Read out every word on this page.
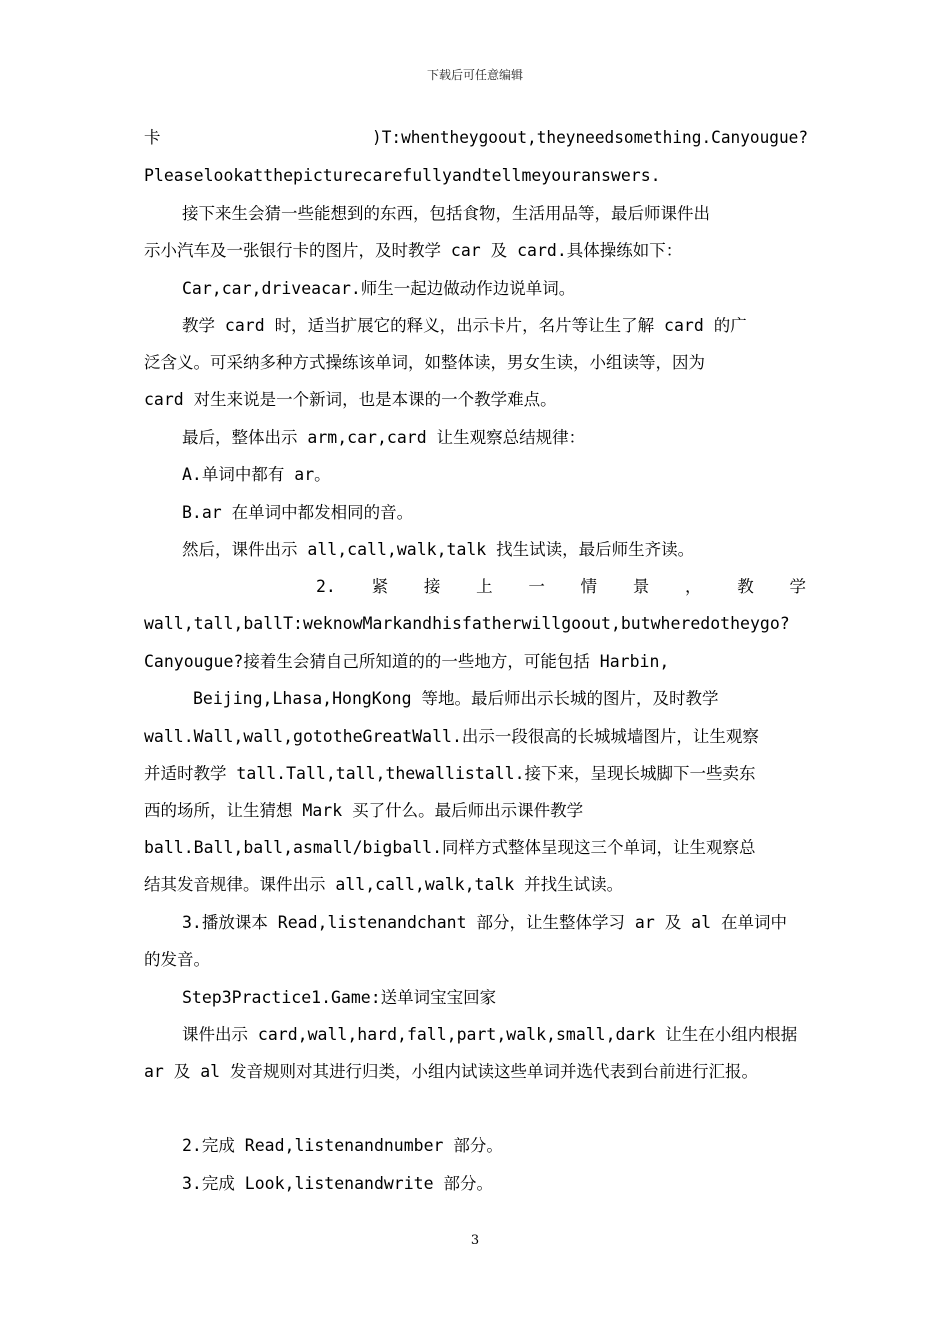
下载后可任意编辑
卡	)T:whentheygoout,theyneedsomething.Canyougue?
Pleaselookatthepicturecarefullyandtellmeyouranswers.
接下来生会猜一些能想到的东西，包括食物，生活用品等，最后师课件出
示小汽车及一张银行卡的图片，及时教学 car 及 card.具体操练如下：
Car,car,driveacar.师生一起边做动作边说单词。
教学 card 时，适当扩展它的释义，出示卡片，名片等让生了解 card 的广
泛含义。可采纳多种方式操练该单词，如整体读，男女生读，小组读等，因为
card 对生来说是一个新词，也是本课的一个教学难点。
最后，整体出示 arm,car,card 让生观察总结规律：
A.单词中都有 ar。
B.ar 在单词中都发相同的音。
然后，课件出示 all,call,walk,talk 找生试读，最后师生齐读。
2. 紧 接 上 一 情 景 ， 教 学
wall,tall,ballT:weknowMarkandhisfatherwillgoout,butwheredotheygo?
Canyougue?接着生会猜自己所知道的的一些地方，可能包括 Harbin,
Beijing,Lhasa,HongKong 等地。最后师出示长城的图片，及时教学
wall.Wall,wall,gototheGreatWall.出示一段很高的长城城墙图片，让生观察
并适时教学 tall.Tall,tall,thewallistall.接下来，呈现长城脚下一些卖东
西的场所，让生猜想 Mark 买了什么。最后师出示课件教学
ball.Ball,ball,asmall/bigball.同样方式整体呈现这三个单词，让生观察总
结其发音规律。课件出示 all,call,walk,talk 并找生试读。
3.播放课本 Read,listenandchant 部分，让生整体学习 ar 及 al 在单词中
的发音。
Step3Practice1.Game:送单词宝宝回家
课件出示 card,wall,hard,fall,part,walk,small,dark 让生在小组内根据
ar 及 al 发音规则对其进行归类，小组内试读这些单词并选代表到台前进行汇报。
2.完成 Read,listenandnumber 部分。
3.完成 Look,listenandwrite 部分。
3
